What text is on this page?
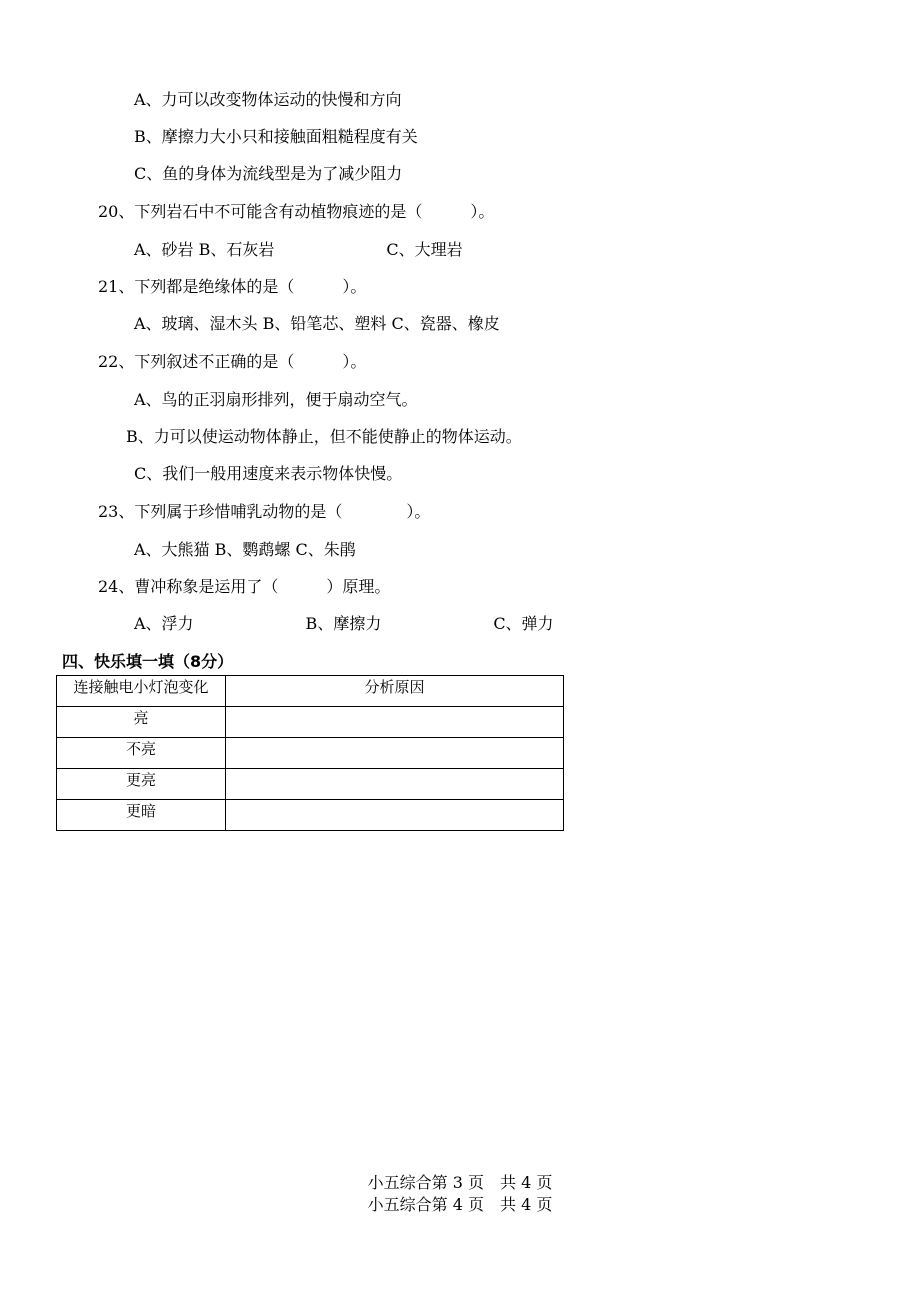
A、力可以改变物体运动的快慢和方向
B、摩擦力大小只和接触面粗糙程度有关
C、鱼的身体为流线型是为了减少阻力
20、下列岩石中不可能含有动植物痕迹的是（　　　）。
A、砂岩 B、石灰岩　　　　　　　C、大理岩
21、下列都是绝缘体的是（　　　）。
A、玻璃、湿木头 B、铅笔芯、塑料 C、瓷器、橡皮
22、下列叙述不正确的是（　　　）。
A、鸟的正羽扇形排列，便于扇动空气。
B、力可以使运动物体静止，但不能使静止的物体运动。
C、我们一般用速度来表示物体快慢。
23、下列属于珍惜哺乳动物的是（　　　　）。
A、大熊猫 B、鹦鹉螺 C、朱鹃
24、曹冲称象是运用了（　　　）原理。
A、浮力　　　　　　　B、摩擦力　　　　　　　C、弹力
四、快乐填一填（8分）
连接触电小灯泡变化	分析原因
亮	
不亮	
更亮	
更暗	
小五综合第 3 页　共 4 页
小五综合第 4 页　共 4 页
